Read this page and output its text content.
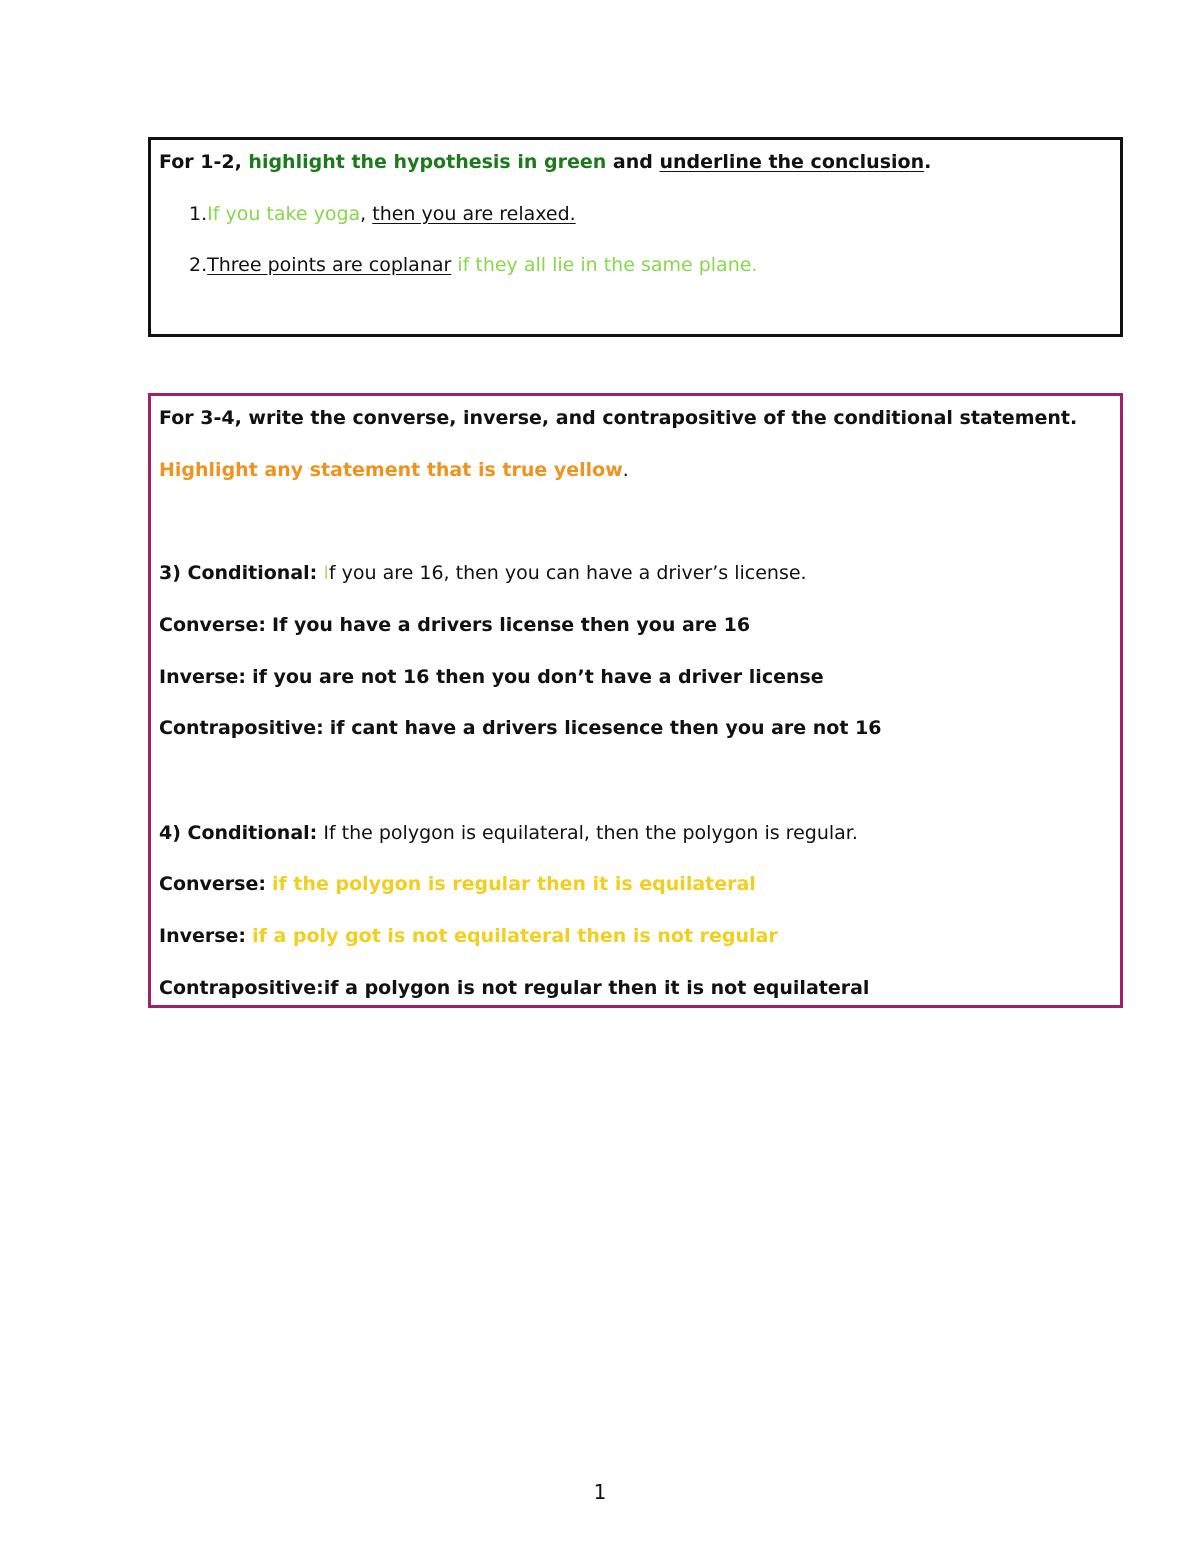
For 1-2, highlight the hypothesis in green and underline the conclusion.
1.If you take yoga, then you are relaxed.
2.Three points are coplanar if they all lie in the same plane.
For 3-4, write the converse, inverse, and contrapositive of the conditional statement.
Highlight any statement that is true yellow.
3) Conditional: If you are 16, then you can have a driver’s license.
Converse: If you have a drivers license then you are 16
Inverse: if you are not 16 then you don’t have a driver license
Contrapositive: if cant have a drivers licesence then you are not 16
4) Conditional: If the polygon is equilateral, then the polygon is regular.
Converse: if the polygon is regular then it is equilateral
Inverse: if a poly got is not equilateral then is not regular
Contrapositive:if a polygon is not regular then it is not equilateral
1
